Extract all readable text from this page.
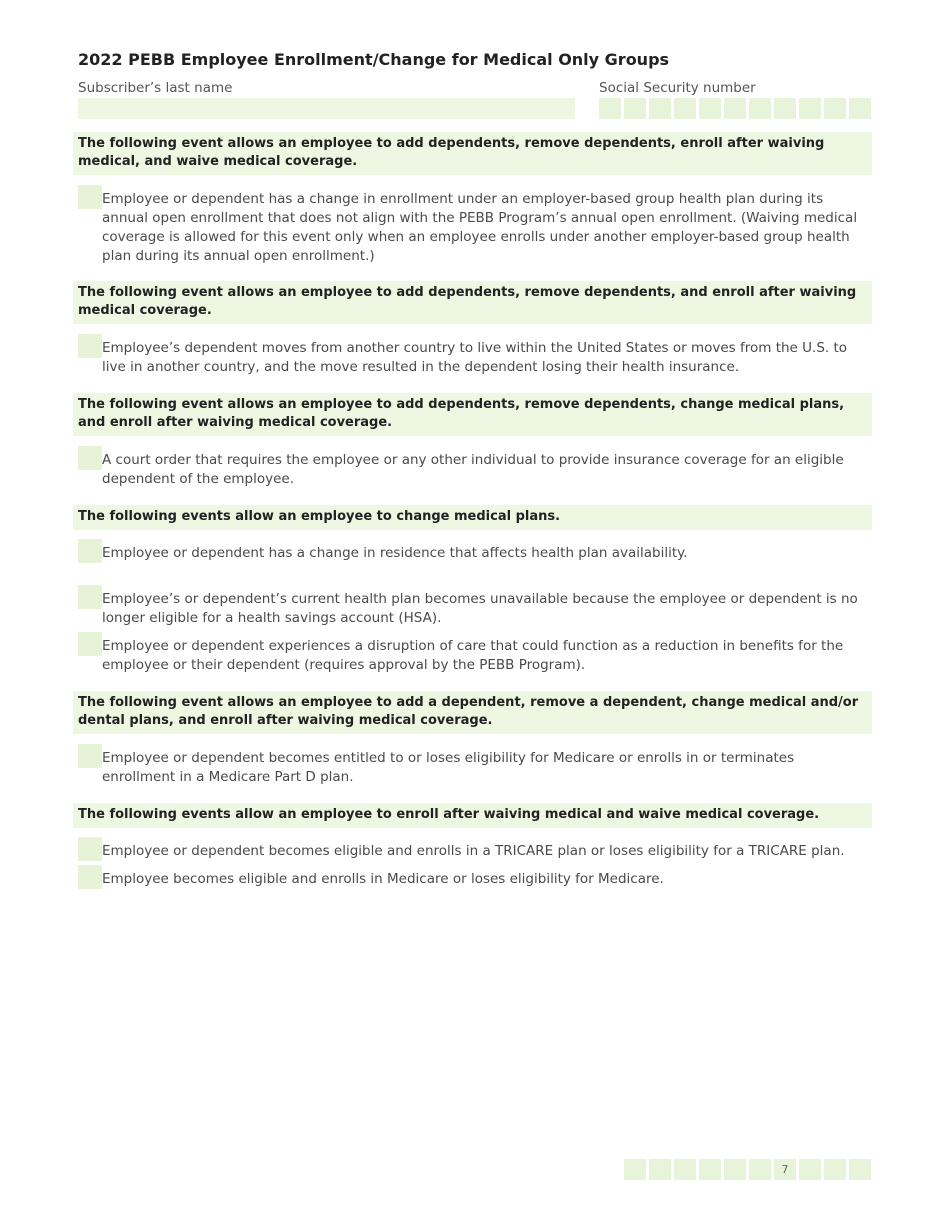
2022 PEBB Employee Enrollment/Change for Medical Only Groups
Subscriber’s last name	Social Security number
The following event allows an employee to add dependents, remove dependents, enroll after waiving medical, and waive medical coverage.
Employee or dependent has a change in enrollment under an employer-based group health plan during its annual open enrollment that does not align with the PEBB Program’s annual open enrollment. (Waiving medical coverage is allowed for this event only when an employee enrolls under another employer-based group health plan during its annual open enrollment.)
The following event allows an employee to add dependents, remove dependents, and enroll after waiving medical coverage.
Employee’s dependent moves from another country to live within the United States or moves from the U.S. to live in another country, and the move resulted in the dependent losing their health insurance.
The following event allows an employee to add dependents, remove dependents, change medical plans, and enroll after waiving medical coverage.
A court order that requires the employee or any other individual to provide insurance coverage for an eligible dependent of the employee.
The following events allow an employee to change medical plans.
Employee or dependent has a change in residence that affects health plan availability.
Employee’s or dependent’s current health plan becomes unavailable because the employee or dependent is no longer eligible for a health savings account (HSA).
Employee or dependent experiences a disruption of care that could function as a reduction in benefits for the employee or their dependent (requires approval by the PEBB Program).
The following event allows an employee to add a dependent, remove a dependent, change medical and/or dental plans, and enroll after waiving medical coverage.
Employee or dependent becomes entitled to or loses eligibility for Medicare or enrolls in or terminates enrollment in a Medicare Part D plan.
The following events allow an employee to enroll after waiving medical and waive medical coverage.
Employee or dependent becomes eligible and enrolls in a TRICARE plan or loses eligibility for a TRICARE plan.
Employee becomes eligible and enrolls in Medicare or loses eligibility for Medicare.
7
